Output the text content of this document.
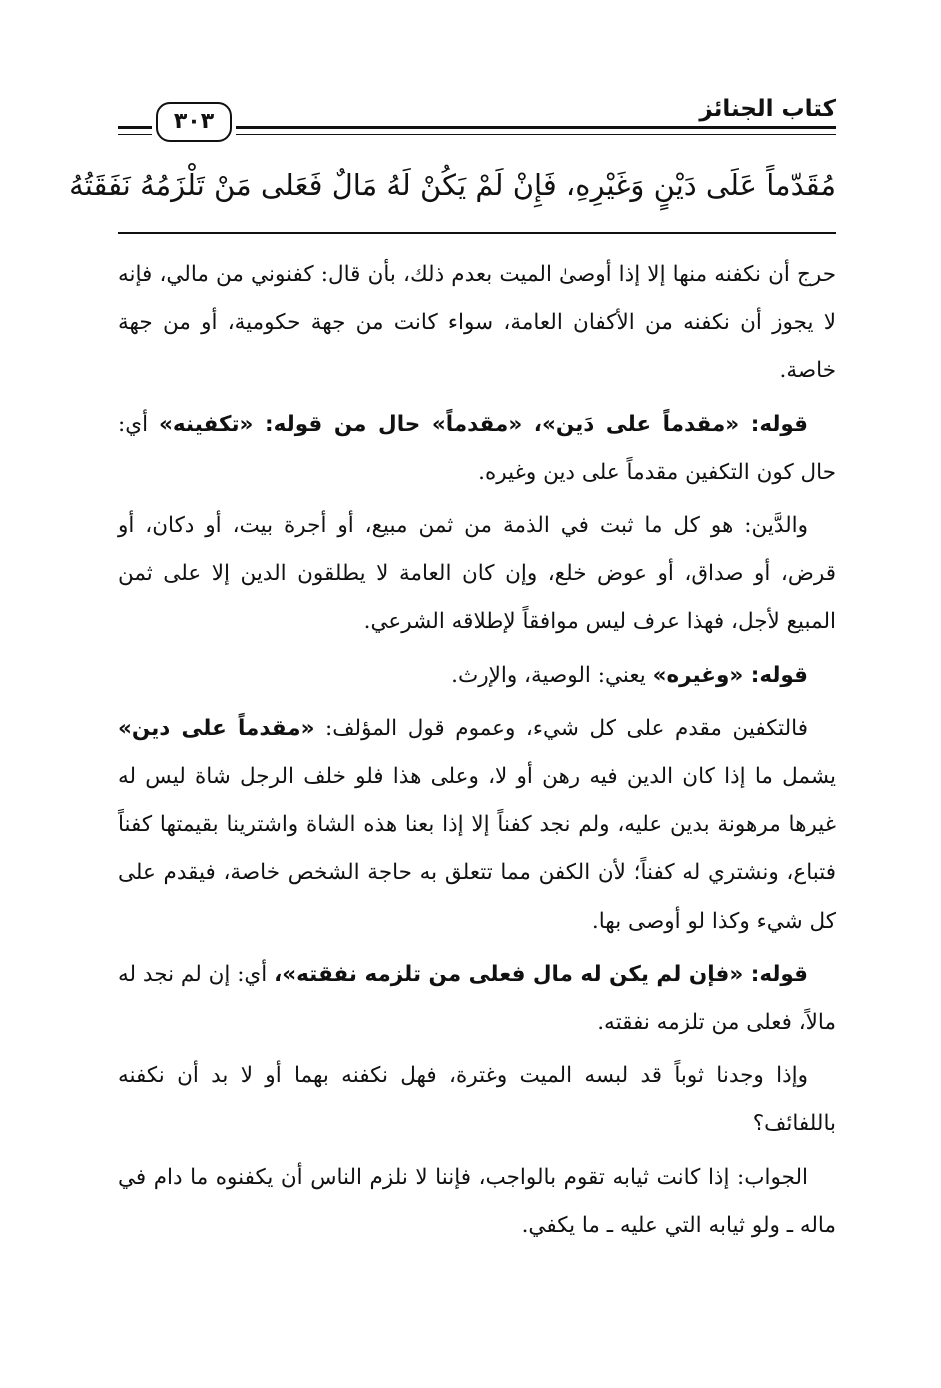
كتاب الجنائز
٣٠٣
مُقَدّماً عَلَى دَيْنٍ وَغَيْرِهِ، فَإِنْ لَمْ يَكُنْ لَهُ مَالٌ فَعَلى مَنْ تَلْزَمُهُ نَفَقَتُهُ

حرج أن نكفنه منها إلا إذا أوصىٰ الميت بعدم ذلك، بأن قال: كفنوني من مالي، فإنه لا يجوز أن نكفنه من الأكفان العامة، سواء كانت من جهة حكومية، أو من جهة خاصة.

قوله: «مقدماً على دَين»، «مقدماً» حال من قوله: «تكفينه» أي: حال كون التكفين مقدماً على دين وغيره.

والدَّين: هو كل ما ثبت في الذمة من ثمن مبيع، أو أجرة بيت، أو دكان، أو قرض، أو صداق، أو عوض خلع، وإن كان العامة لا يطلقون الدين إلا على ثمن المبيع لأجل، فهذا عرف ليس موافقاً لإطلاقه الشرعي.

قوله: «وغيره» يعني: الوصية، والإرث.

فالتكفين مقدم على كل شيء، وعموم قول المؤلف: «مقدماً على دين» يشمل ما إذا كان الدين فيه رهن أو لا، وعلى هذا فلو خلف الرجل شاة ليس له غيرها مرهونة بدين عليه، ولم نجد كفناً إلا إذا بعنا هذه الشاة واشترينا بقيمتها كفناً فتباع، ونشتري له كفناً؛ لأن الكفن مما تتعلق به حاجة الشخص خاصة، فيقدم على كل شيء وكذا لو أوصى بها.

قوله: «فإن لم يكن له مال فعلى من تلزمه نفقته»، أي: إن لم نجد له مالاً، فعلى من تلزمه نفقته.

وإذا وجدنا ثوباً قد لبسه الميت وغترة، فهل نكفنه بهما أو لا بد أن نكفنه باللفائف؟

الجواب: إذا كانت ثيابه تقوم بالواجب، فإننا لا نلزم الناس أن يكفنوه ما دام في ماله ـ ولو ثيابه التي عليه ـ ما يكفي.
